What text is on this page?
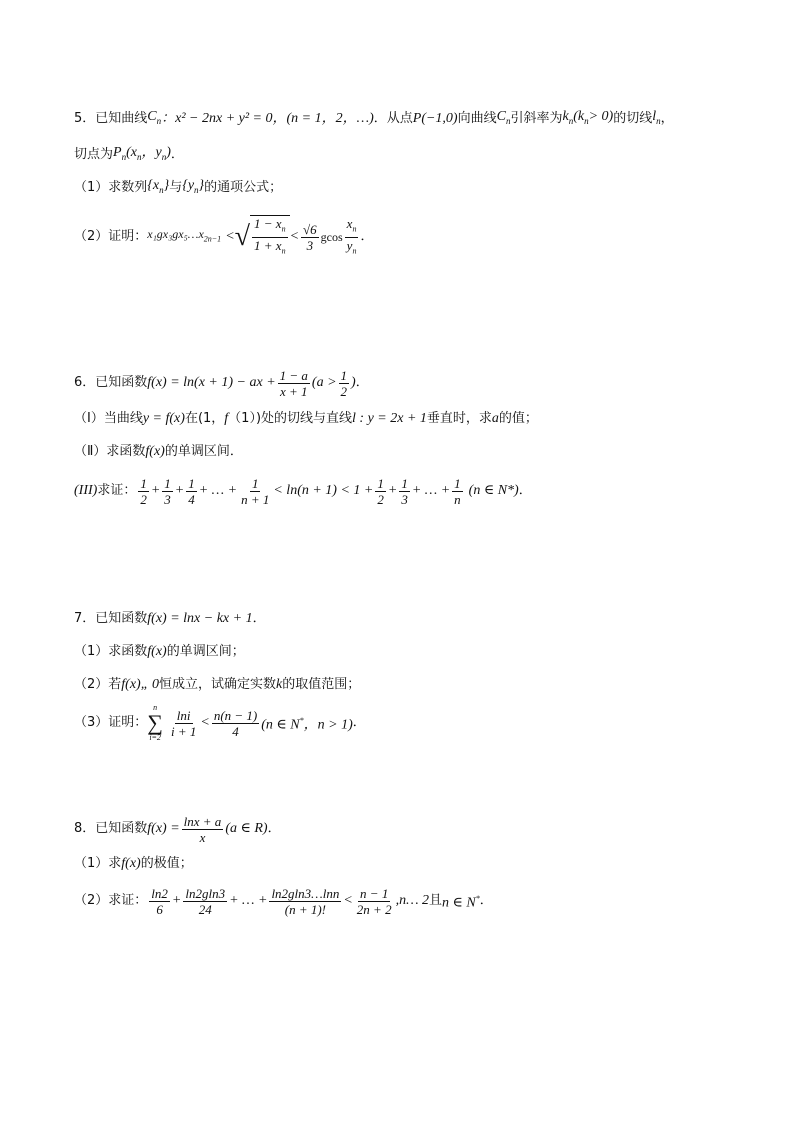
5．已知曲线 $C_n$ ：x² − 2nx + y² = 0， (n = 1，2，…) ．从点 P(−1,0) 向曲线 $C_n$ 引斜率为 $k_n(k_n> 0)$ 的切线 $l_n$ ，
切点为 $P_n(x_n$，$y_n$) ．
（1）求数列 $\{x_n\}$ 与 $\{y_n\}$ 的通项公式；
（2）证明： $x_1gx_3gx_5\dots x_{2n-1}$ < √ $\frac{1 - x_n}{1 + x_n} < \frac{√6}{3}$ gcos $\frac{x_n}{y_n}$ ．
6．已知函数 f(x) = ln(x + 1) − ax + $\frac{1 - a}{x + 1} (a > \frac{1}{2}$ ) ．
（Ⅰ）当曲线 y = f(x) 在(1， f （1）)处的切线与直线 l : y = 2x + 1 垂直时，求 a 的值；
（Ⅱ）求函数 f(x) 的单调区间．
(III) 求证： $\frac{1}{2} + \frac{1}{3} + \frac{1}{4}$ + … + $\frac{1}{n + 1} < \ln(n + 1) < 1 + \frac{1}{2} + \frac{1}{3}$ + … + $\frac{1}{n} (n$ ∈ N*) ．
7．已知函数 f(x) = lnx − kx + 1 ．
（1）求函数 f(x) 的单调区间；
（2）若 f(x)„ 0 恒成立，试确定实数 k 的取值范围；
（3）证明：
n
∑
$i=2 \frac{\ln i}{i + 1} < \frac{n(n - 1)}{4} (n$ ∈ N*，n > 1) ．
8．已知函数 $f(x) = \frac{\ln x + a}{x} (a$ ∈ R) ．
（1）求 f(x) 的极值；
（2）求证： $\frac{\ln 2}{6} + \frac{\ln 2gln3}{24}$ + … + $\frac{\ln 2gln3\dots\ln n}{(n + 1)!} < \frac{n - 1}{2n + 2}$ ,n… 2 且 n ∈ N* ．
